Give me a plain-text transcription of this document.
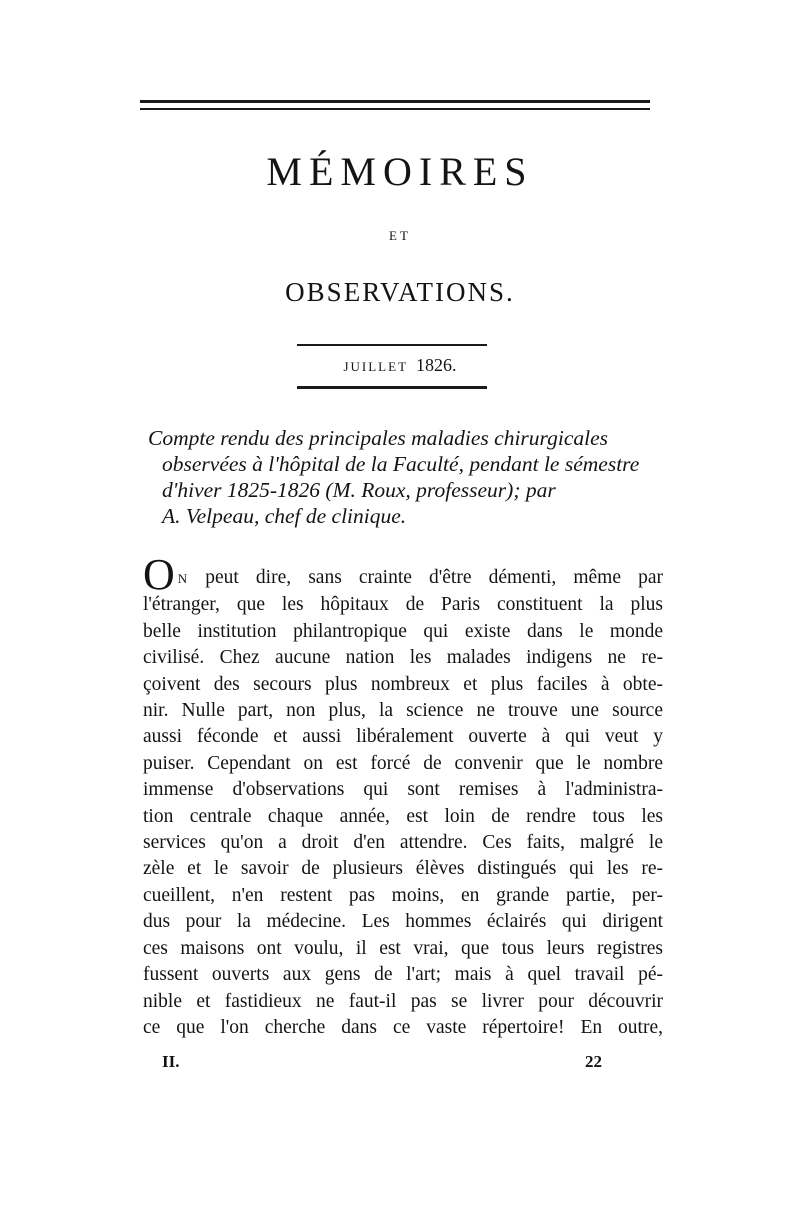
MÉMOIRES
ET
OBSERVATIONS.
JUILLET 1826.
Compte rendu des principales maladies chirurgicales
observées à l'hôpital de la Faculté, pendant le sémestre
d'hiver 1825-1826 (M. Roux, professeur); par
A. Velpeau, chef de clinique.
O N peut dire, sans crainte d'être démenti, même par
l'étranger, que les hôpitaux de Paris constituent la plus
belle institution philantropique qui existe dans le monde
civilisé. Chez aucune nation les malades indigens ne re-
çoivent des secours plus nombreux et plus faciles à obte-
nir. Nulle part, non plus, la science ne trouve une source
aussi féconde et aussi libéralement ouverte à qui veut y
puiser. Cependant on est forcé de convenir que le nombre
immense d'observations qui sont remises à l'administra-
tion centrale chaque année, est loin de rendre tous les
services qu'on a droit d'en attendre. Ces faits, malgré le
zèle et le savoir de plusieurs élèves distingués qui les re-
cueillent, n'en restent pas moins, en grande partie, per-
dus pour la médecine. Les hommes éclairés qui dirigent
ces maisons ont voulu, il est vrai, que tous leurs registres
fussent ouverts aux gens de l'art; mais à quel travail pé-
nible et fastidieux ne faut-il pas se livrer pour découvrir
ce que l'on cherche dans ce vaste répertoire! En outre,
II.	22
